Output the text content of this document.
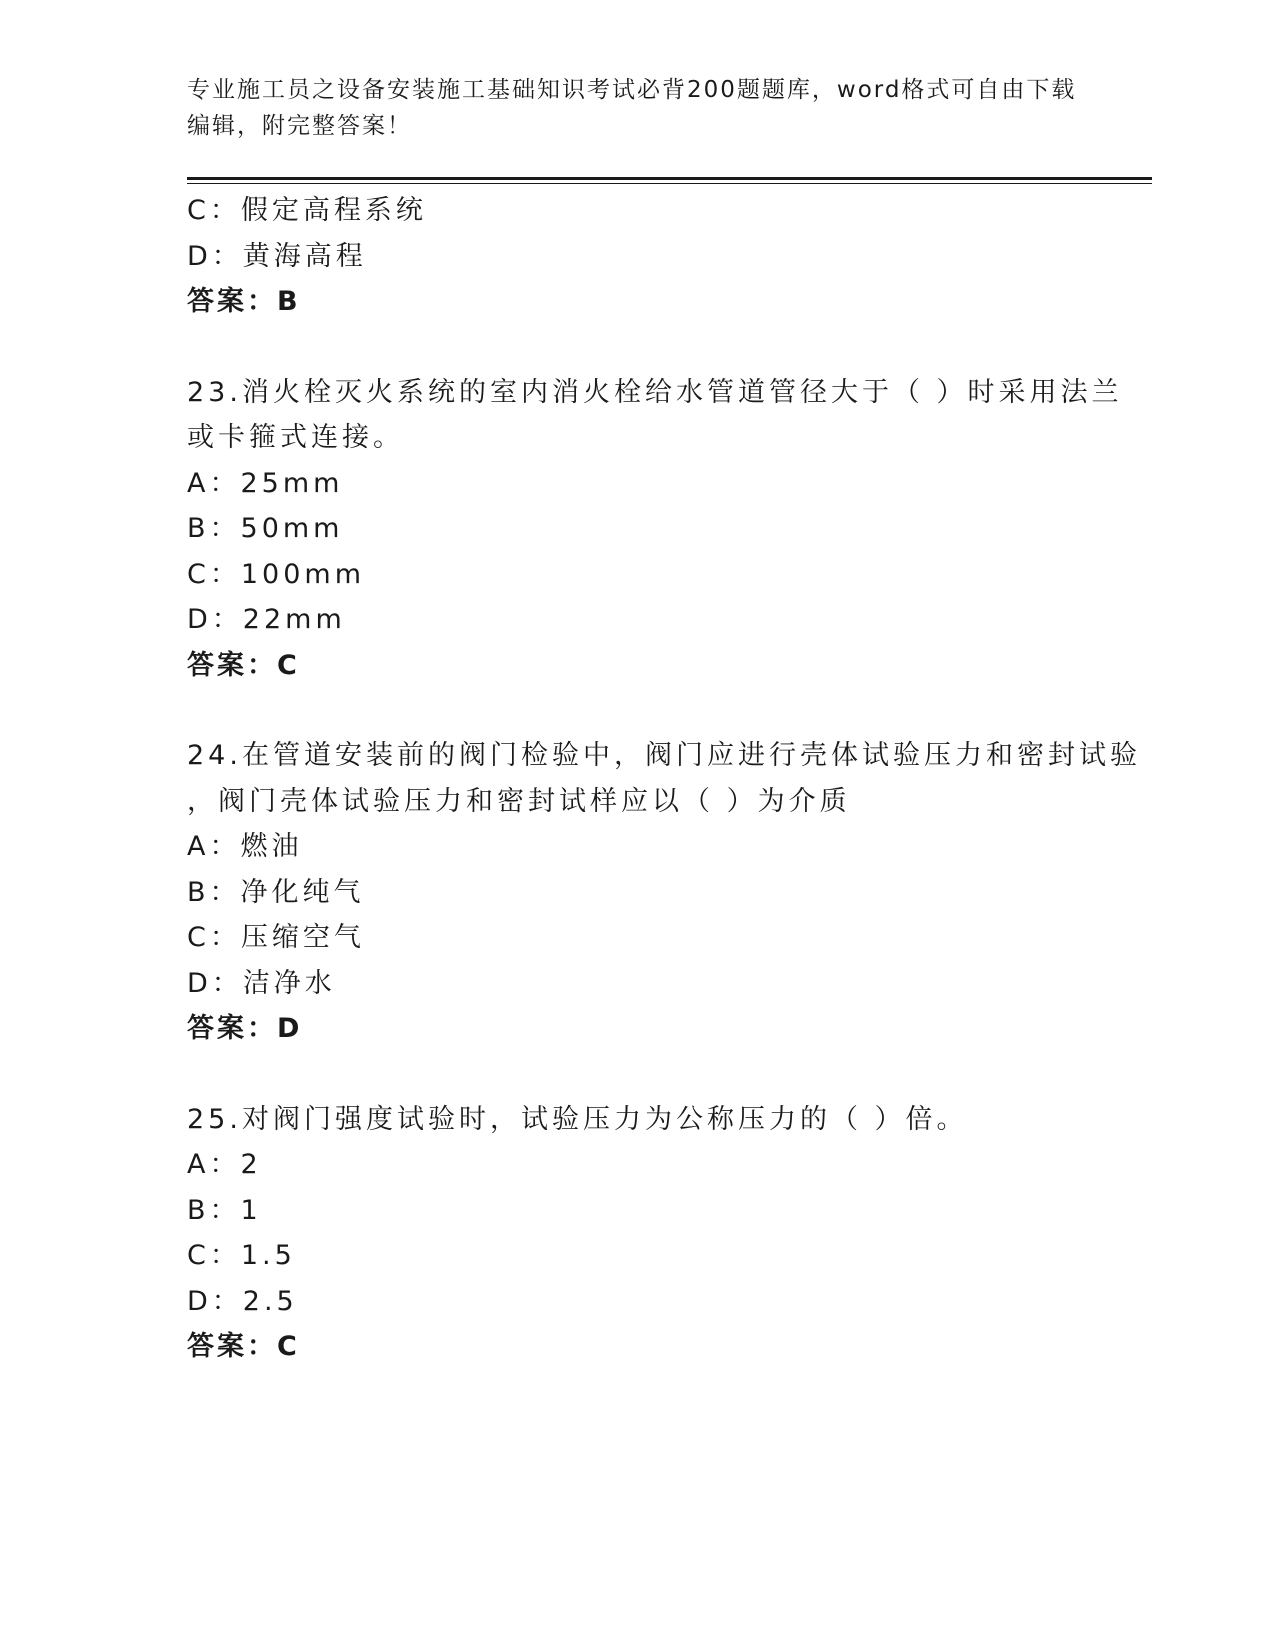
专业施工员之设备安装施工基础知识考试必背200题题库，word格式可自由下载
编辑，附完整答案！
C：假定高程系统
D：黄海高程
答案：B
23.消火栓灭火系统的室内消火栓给水管道管径大于（ ）时采用法兰
或卡箍式连接。
A：25mm
B：50mm
C：100mm
D：22mm
答案：C
24.在管道安装前的阀门检验中，阀门应进行壳体试验压力和密封试验
，阀门壳体试验压力和密封试样应以（ ）为介质
A：燃油
B：净化纯气
C：压缩空气
D：洁净水
答案：D
25.对阀门强度试验时，试验压力为公称压力的（ ）倍。
A：2
B：1
C：1.5
D：2.5
答案：C
